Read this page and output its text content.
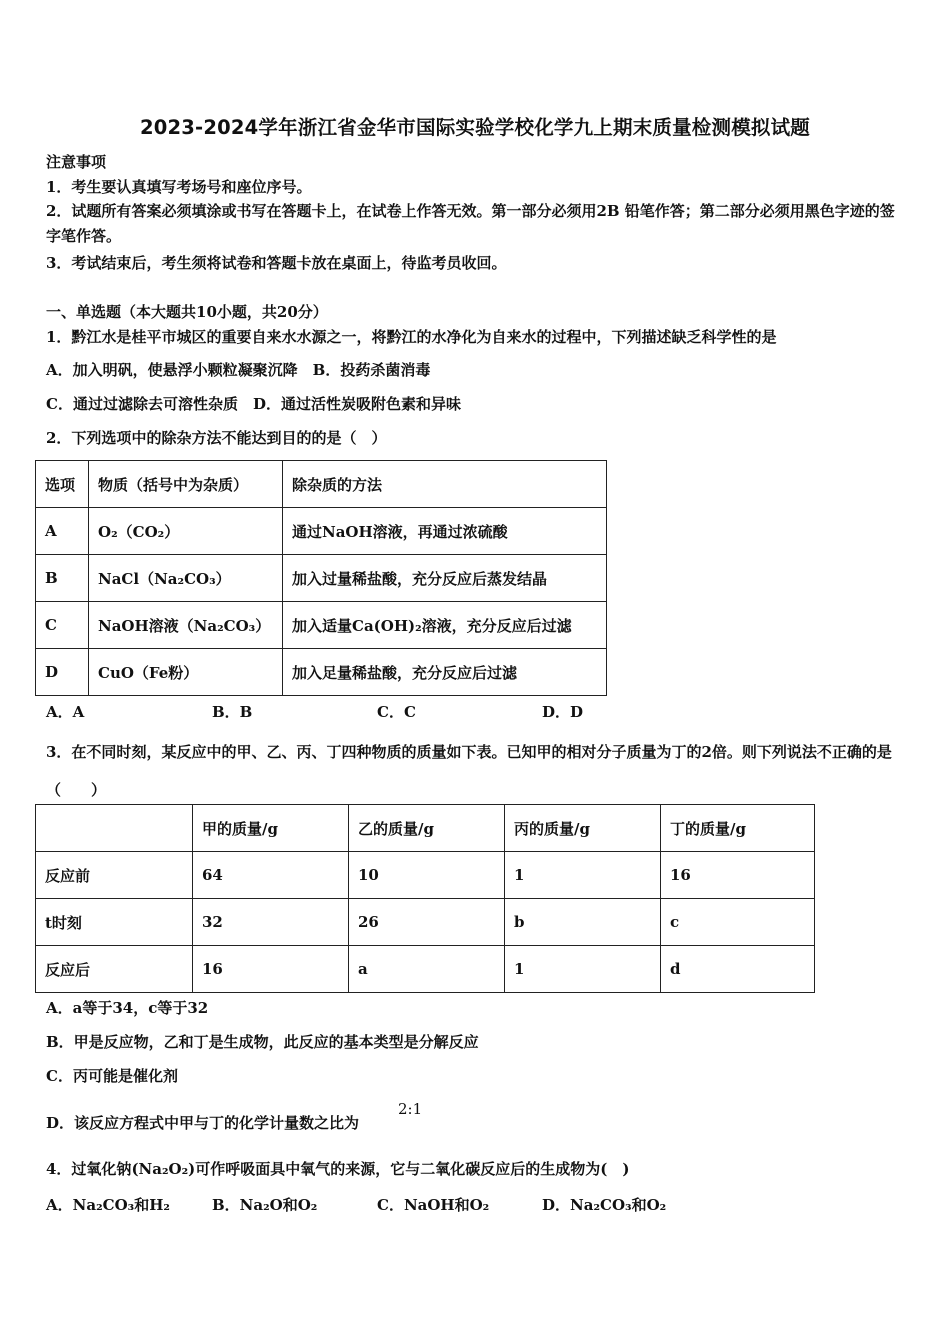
2023-2024学年浙江省金华市国际实验学校化学九上期末质量检测模拟试题
注意事项
1．考生要认真填写考场号和座位序号。
2．试题所有答案必须填涂或书写在答题卡上，在试卷上作答无效。第一部分必须用2B 铅笔作答；第二部分必须用黑色字迹的签字笔作答。
3．考试结束后，考生须将试卷和答题卡放在桌面上，待监考员收回。
一、单选题（本大题共10小题，共20分）
1．黔江水是桂平市城区的重要自来水水源之一，将黔江的水净化为自来水的过程中，下列描述缺乏科学性的是
A．加入明矾，使悬浮小颗粒凝聚沉降　B．投药杀菌消毒
C．通过过滤除去可溶性杂质　D．通过活性炭吸附色素和异味
2．下列选项中的除杂方法不能达到目的的是（　）
选项	物质（括号中为杂质）	除杂质的方法
A	O₂（CO₂）	通过NaOH溶液，再通过浓硫酸
B	NaCl（Na₂CO₃）	加入过量稀盐酸，充分反应后蒸发结晶
C	NaOH溶液（Na₂CO₃）	加入适量Ca(OH)₂溶液，充分反应后过滤
D	CuO（Fe粉）	加入足量稀盐酸，充分反应后过滤
A．A	B．B	C．C	D．D
3．在不同时刻，某反应中的甲、乙、丙、丁四种物质的质量如下表。已知甲的相对分子质量为丁的2倍。则下列说法不正确的是（　　）
	甲的质量/g	乙的质量/g	丙的质量/g	丁的质量/g
反应前	64	10	1	16
t时刻	32	26	b	c
反应后	16	a	1	d
A．a等于34，c等于32
B．甲是反应物，乙和丁是生成物，此反应的基本类型是分解反应
C．丙可能是催化剂
D．该反应方程式中甲与丁的化学计量数之比为
2:1
4．过氧化钠(Na₂O₂)可作呼吸面具中氧气的来源，它与二氧化碳反应后的生成物为(　)
A．Na₂CO₃和H₂	B．Na₂O和O₂	C．NaOH和O₂	D．Na₂CO₃和O₂
